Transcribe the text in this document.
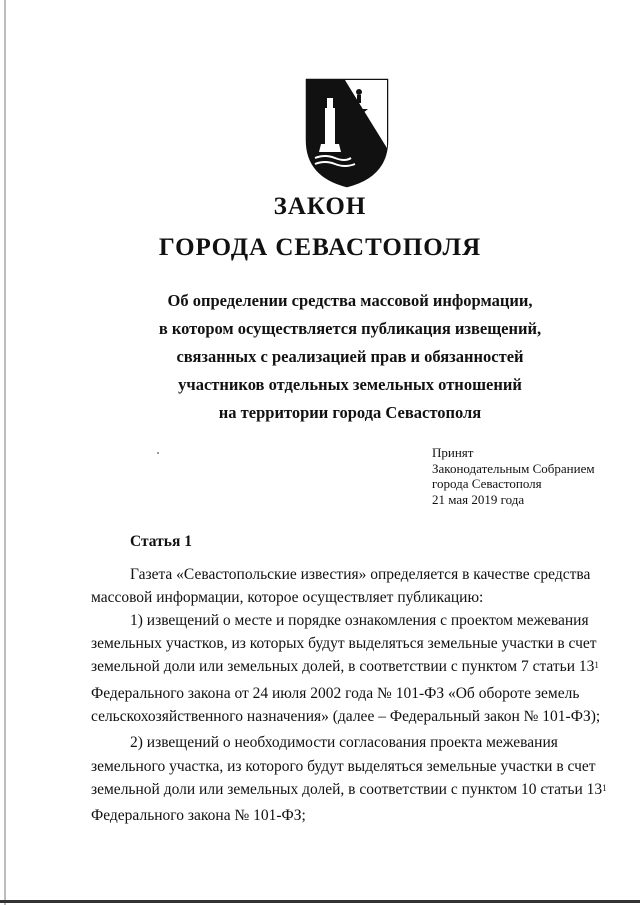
ЗАКОН
ГОРОДА СЕВАСТОПОЛЯ
Об определении средства массовой информации,
в котором осуществляется публикация извещений,
связанных с реализацией прав и обязанностей
участников отдельных земельных отношений
на территории города Севастополя
Принят
Законодательным Собранием
города Севастополя
21 мая 2019 года
Статья 1
Газета «Севастопольские известия» определяется в качестве средства
массовой информации, которое осуществляет публикацию:
1) извещений о месте и порядке ознакомления с проектом межевания
земельных участков, из которых будут выделяться земельные участки в счет
земельной доли или земельных долей, в соответствии с пунктом 7 статьи $13^1$
Федерального закона от 24 июля 2002 года № 101-ФЗ «Об обороте земель
сельскохозяйственного назначения» (далее – Федеральный закон № 101-ФЗ);
2) извещений о необходимости согласования проекта межевания
земельного участка, из которого будут выделяться земельные участки в счет
земельной доли или земельных долей, в соответствии с пунктом 10 статьи $13^1$
Федерального закона № 101-ФЗ;
